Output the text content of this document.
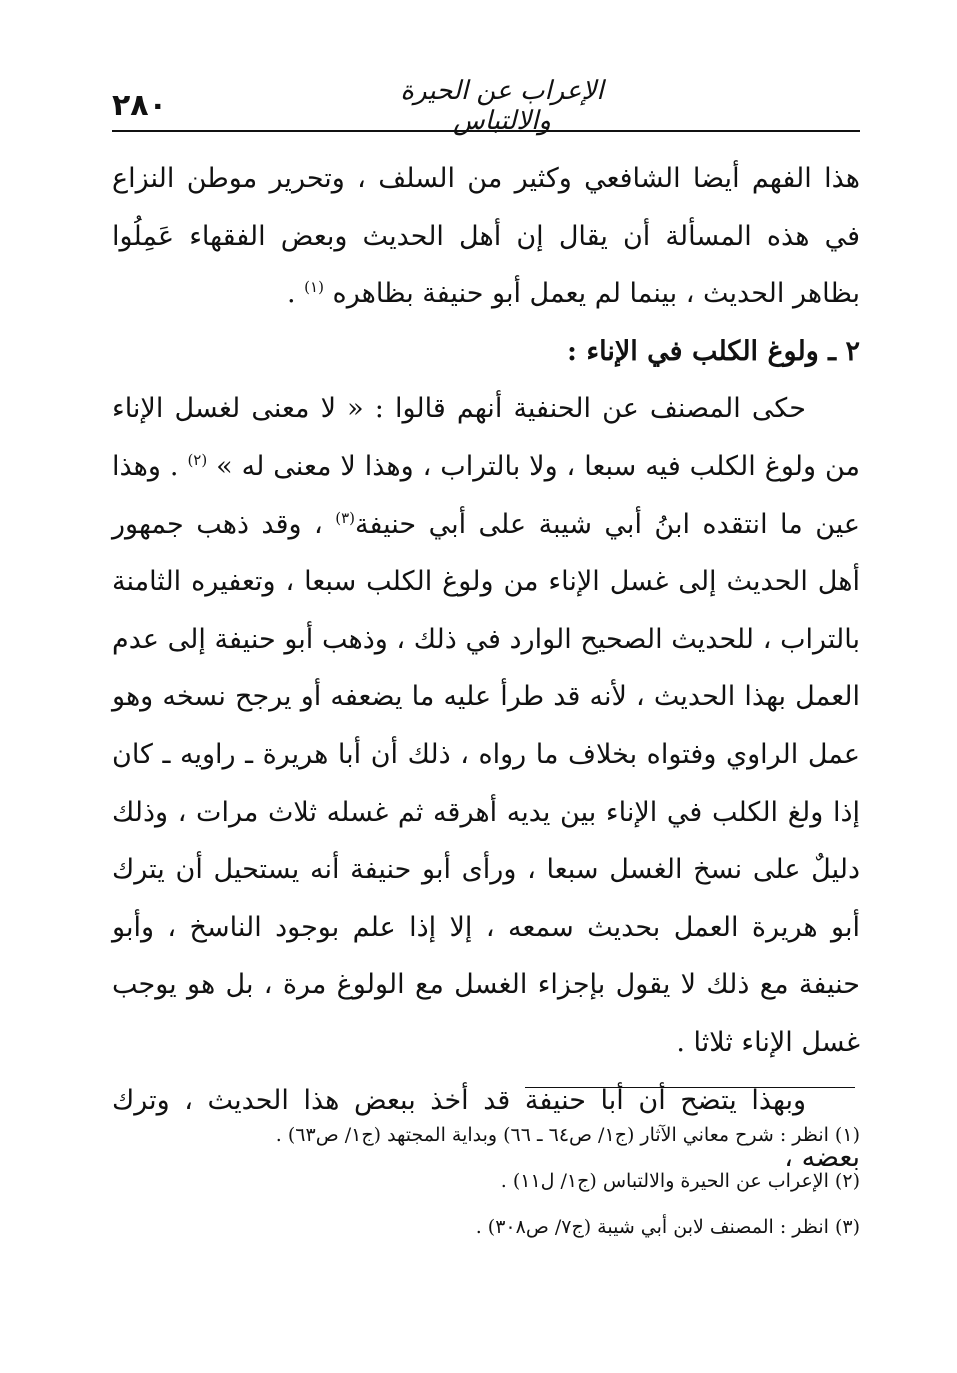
٢٨٠	الإعراب عن الحيرة والالتباس

هذا الفهم أيضا الشافعي وكثير من السلف ، وتحرير موطن النزاع في هذه المسألة أن يقال إن أهل الحديث وبعض الفقهاء عَمِلُوا بظاهر الحديث ، بينما لم يعمل أبو حنيفة بظاهره $^{(١)}$ .

٢ ـ ولوغ الكلب في الإناء :

  حكى المصنف عن الحنفية أنهم قالوا : « لا معنى لغسل الإناء من ولوغ الكلب فيه سبعا ، ولا بالتراب ، وهذا لا معنى له » $^{(٢)}$ . وهذا عين ما انتقده ابنُ أبي شيبة على أبي حنيفة$^{(٣)}$ ، وقد ذهب جمهور أهل الحديث إلى غسل الإناء من ولوغ الكلب سبعا ، وتعفيره الثامنة بالتراب ، للحديث الصحيح الوارد في ذلك ، وذهب أبو حنيفة إلى عدم العمل بهذا الحديث ، لأنه قد طرأ عليه ما يضعفه أو يرجح نسخه وهو عمل الراوي وفتواه بخلاف ما رواه ، ذلك أن أبا هريرة ـ راويه ـ كان إذا ولغ الكلب في الإناء بين يديه أهرقه ثم غسله ثلاث مرات ، وذلك دليلٌ على نسخ الغسل سبعا ، ورأى أبو حنيفة أنه يستحيل أن يترك أبو هريرة العمل بحديث سمعه ، إلا إذا علم بوجود الناسخ ، وأبو حنيفة مع ذلك لا يقول بإجزاء الغسل مع الولوغ مرة ، بل هو يوجب غسل الإناء ثلاثا .

  وبهذا يتضح أن أبا حنيفة قد أخذ ببعض هذا الحديث ، وترك بعضه ،

(١) انظر : شرح معاني الآثار (ج١/ ص٦٤ ـ ٦٦) وبداية المجتهد (ج١/ ص٦٣) .

(٢) الإعراب عن الحيرة والالتباس (ج١/ ل١١) .

(٣) انظر : المصنف لابن أبي شيبة (ج٧/ ص٣٠٨) .
